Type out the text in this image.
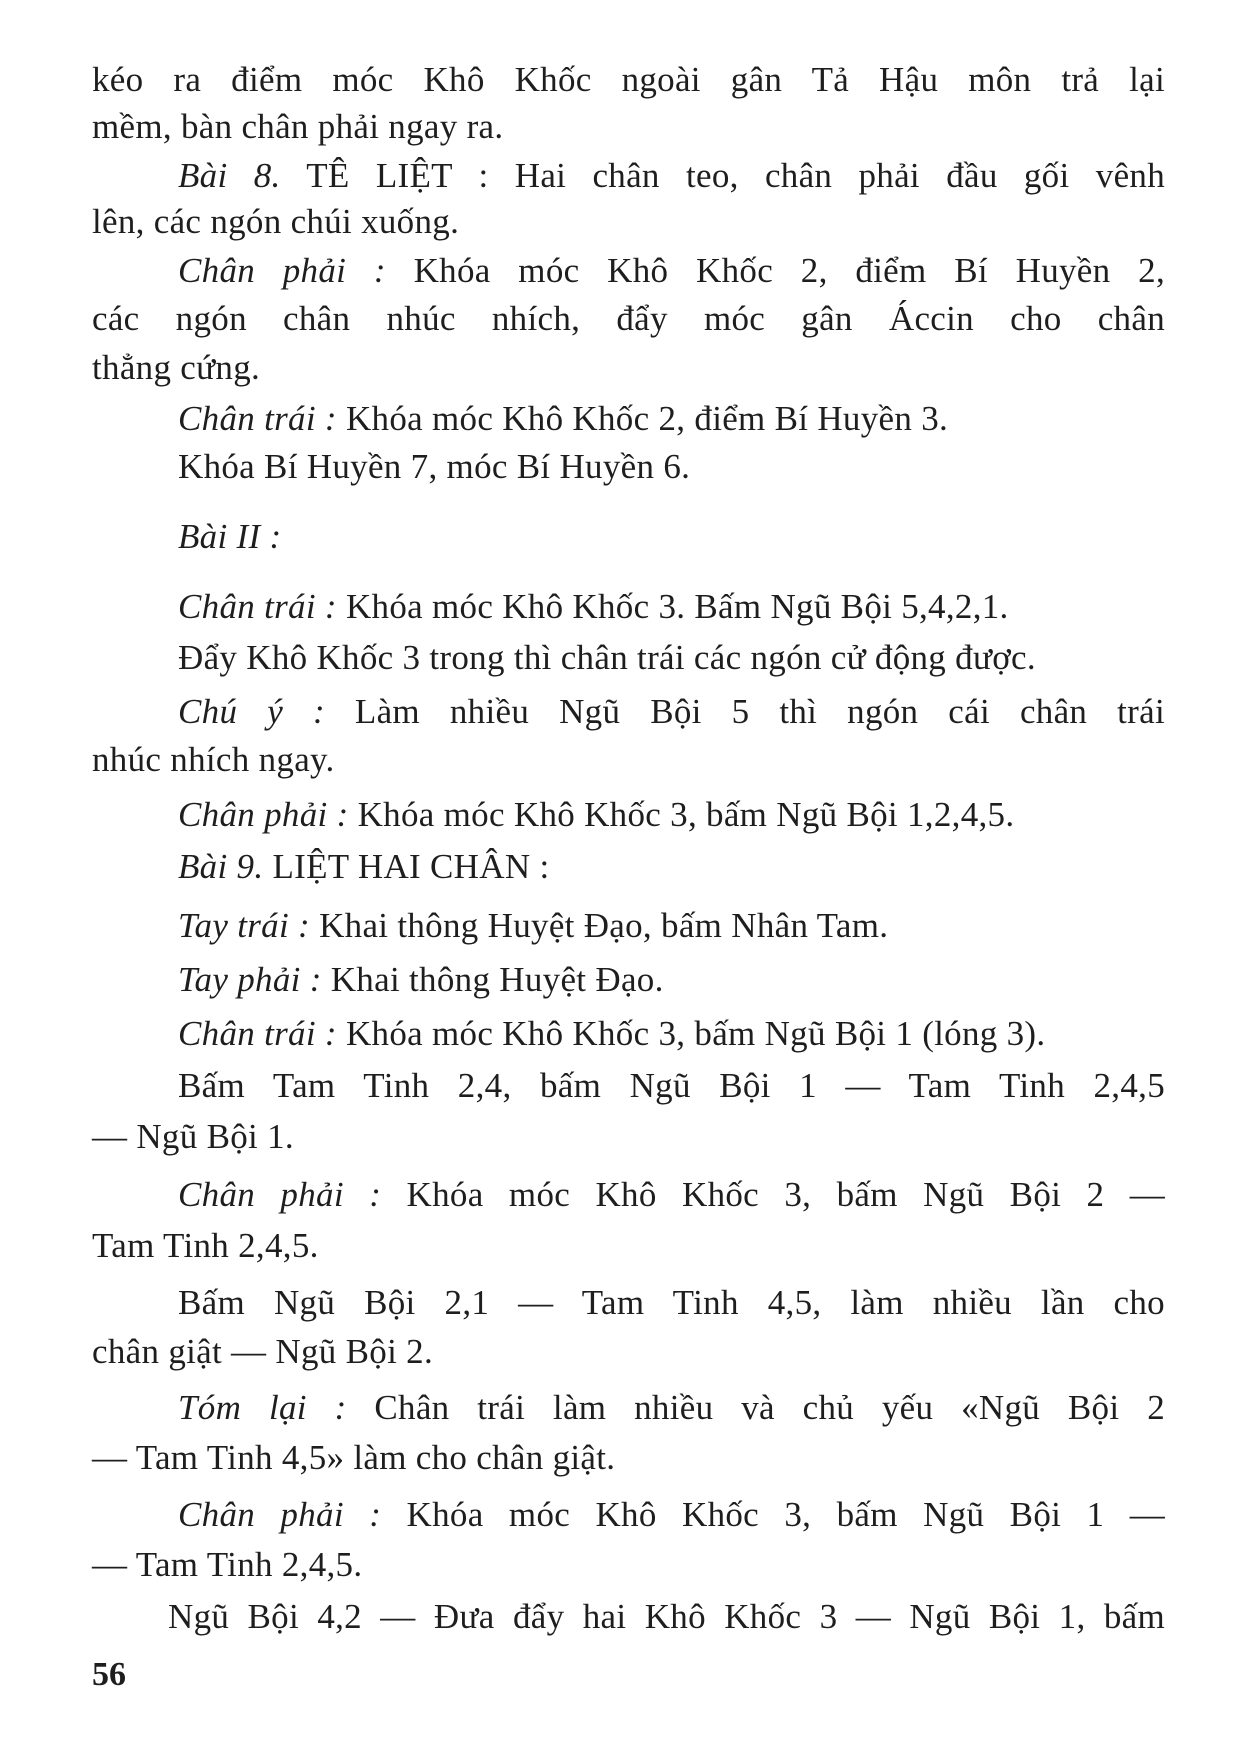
kéo ra điểm móc Khô Khốc ngoài gân Tả Hậu môn trả lại
mềm, bàn chân phải ngay ra.
Bài 8. TÊ LIỆT : Hai chân teo, chân phải đầu gối vênh
lên, các ngón chúi xuống.
Chân phải : Khóa móc Khô Khốc 2, điểm Bí Huyền 2,
các ngón chân nhúc nhích, đẩy móc gân Áccin cho chân
thẳng cứng.
Chân trái : Khóa móc Khô Khốc 2, điểm Bí Huyền 3.
Khóa Bí Huyền 7, móc Bí Huyền 6.
Bài II :
Chân trái : Khóa móc Khô Khốc 3. Bấm Ngũ Bội 5,4,2,1.
Đẩy Khô Khốc 3 trong thì chân trái các ngón cử động được.
Chú ý : Làm nhiều Ngũ Bội 5 thì ngón cái chân trái
nhúc nhích ngay.
Chân phải : Khóa móc Khô Khốc 3, bấm Ngũ Bội 1,2,4,5.
Bài 9. LIỆT HAI CHÂN :
Tay trái : Khai thông Huyệt Đạo, bấm Nhân Tam.
Tay phải : Khai thông Huyệt Đạo.
Chân trái : Khóa móc Khô Khốc 3, bấm Ngũ Bội 1 (lóng 3).
Bấm Tam Tinh 2,4, bấm Ngũ Bội 1 — Tam Tinh 2,4,5
— Ngũ Bội 1.
Chân phải : Khóa móc Khô Khốc 3, bấm Ngũ Bội 2 —
Tam Tinh 2,4,5.
Bấm Ngũ Bội 2,1 — Tam Tinh 4,5, làm nhiều lần cho
chân giật — Ngũ Bội 2.
Tóm lại : Chân trái làm nhiều và chủ yếu «Ngũ Bội 2
— Tam Tinh 4,5» làm cho chân giật.
Chân phải : Khóa móc Khô Khốc 3, bấm Ngũ Bội 1 —
— Tam Tinh 2,4,5.
Ngũ Bội 4,2 — Đưa đẩy hai Khô Khốc 3 — Ngũ Bội 1, bấm
56
